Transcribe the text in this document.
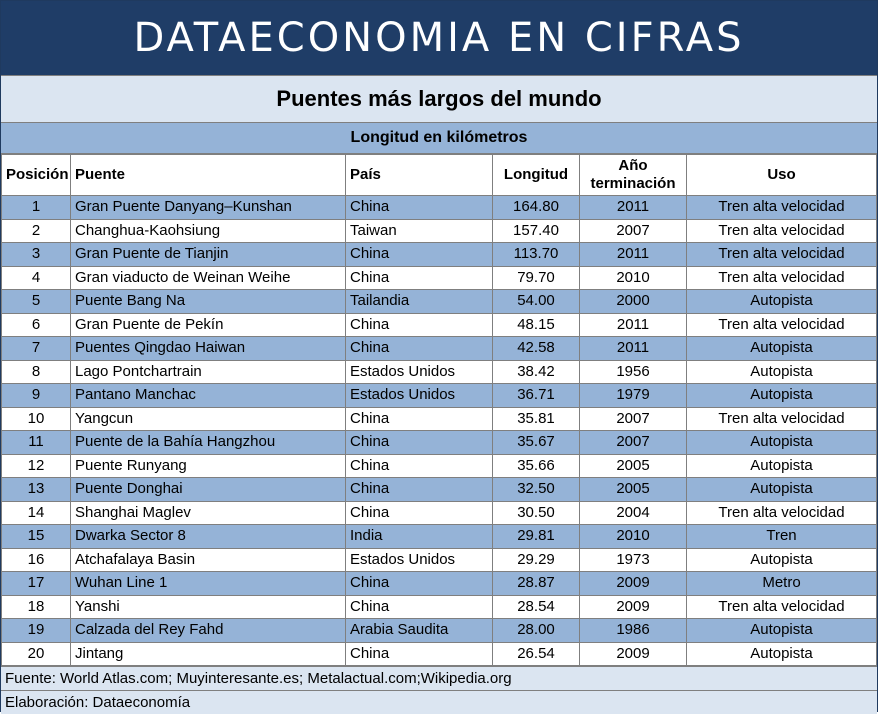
DATAECONOMIA EN CIFRAS
Puentes más largos del mundo
Longitud en kilómetros
Posición	Puente	País	Longitud	Año terminación	Uso
1	Gran Puente Danyang–Kunshan	China	164.80	2011	Tren alta velocidad
2	Changhua-Kaohsiung	Taiwan	157.40	2007	Tren alta velocidad
3	Gran Puente de Tianjin	China	113.70	2011	Tren alta velocidad
4	Gran viaducto de Weinan Weihe	China	79.70	2010	Tren alta velocidad
5	Puente Bang Na	Tailandia	54.00	2000	Autopista
6	Gran Puente de Pekín	China	48.15	2011	Tren alta velocidad
7	Puentes Qingdao Haiwan	China	42.58	2011	Autopista
8	Lago Pontchartrain	Estados Unidos	38.42	1956	Autopista
9	Pantano Manchac	Estados Unidos	36.71	1979	Autopista
10	Yangcun	China	35.81	2007	Tren alta velocidad
11	Puente de la Bahía Hangzhou	China	35.67	2007	Autopista
12	Puente Runyang	China	35.66	2005	Autopista
13	Puente Donghai	China	32.50	2005	Autopista
14	Shanghai Maglev	China	30.50	2004	Tren alta velocidad
15	Dwarka Sector 8	India	29.81	2010	Tren
16	Atchafalaya Basin	Estados Unidos	29.29	1973	Autopista
17	Wuhan Line 1	China	28.87	2009	Metro
18	Yanshi	China	28.54	2009	Tren alta velocidad
19	Calzada del Rey Fahd	Arabia Saudita	28.00	1986	Autopista
20	Jintang	China	26.54	2009	Autopista
Fuente: World Atlas.com; Muyinteresante.es; Metalactual.com;Wikipedia.org
Elaboración: Dataeconomía
